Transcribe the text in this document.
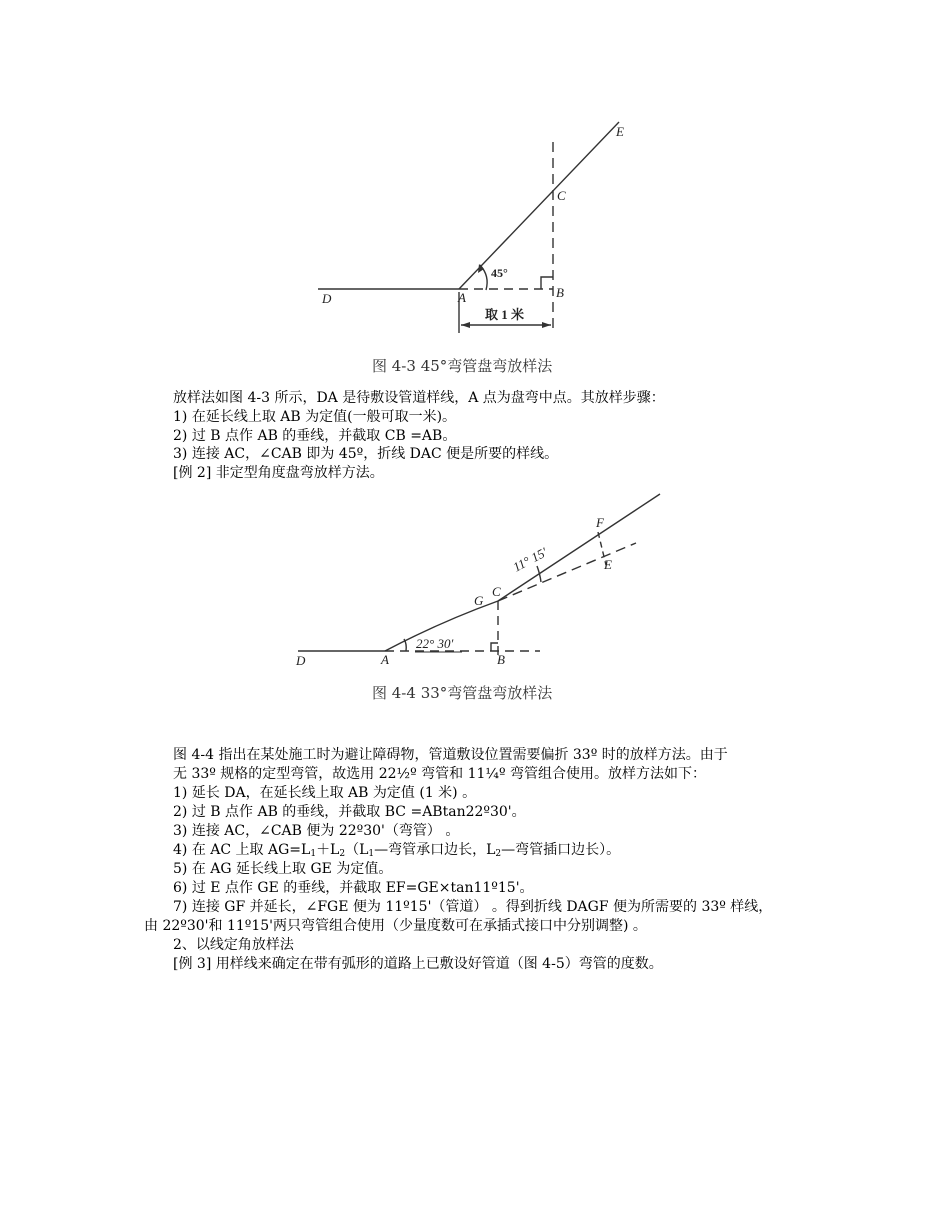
E
C
D	A	B
45°
取 1 米
图 4-3 45°弯管盘弯放样法
放样法如图 4-3 所示，DA 是待敷设管道样线，A 点为盘弯中点。其放样步骤：
1) 在延长线上取 AB 为定值(一般可取一米)。
2) 过 B 点作 AB 的垂线，并截取 CB =AB。
3) 连接 AC，∠CAB 即为 45º，折线 DAC 便是所要的样线。
[例 2] 非定型角度盘弯放样方法。
F
E
G
C
D	A	B
11° 15′
22° 30′
图 4-4 33°弯管盘弯放样法
图 4-4 指出在某处施工时为避让障碍物，管道敷设位置需要偏折 33º 时的放样方法。由于
无 33º 规格的定型弯管，故选用 22½º 弯管和 11¼º 弯管组合使用。放样方法如下：
1) 延长 DA，在延长线上取 AB 为定值 (1 米) 。
2) 过 B 点作 AB 的垂线，并截取 BC =ABtan22º30'。
3) 连接 AC，∠CAB 便为 22º30'（弯管） 。
4) 在 AC 上取 $AG=L_1+L_2(L_1—$弯管承口边长，$L_2—$弯管插口边长）。
5) 在 AG 延长线上取 GE 为定值。
6) 过 E 点作 GE 的垂线，并截取 EF=GE×tan11º15'。
7) 连接 GF 并延长，∠FGE 便为 11º15'（管道） 。得到折线 DAGF 便为所需要的 33º 样线，
由 22º30'和 11º15'两只弯管组合使用（少量度数可在承插式接口中分别调整) 。
2、以线定角放样法
[例 3] 用样线来确定在带有弧形的道路上已敷设好管道（图 4-5）弯管的度数。
